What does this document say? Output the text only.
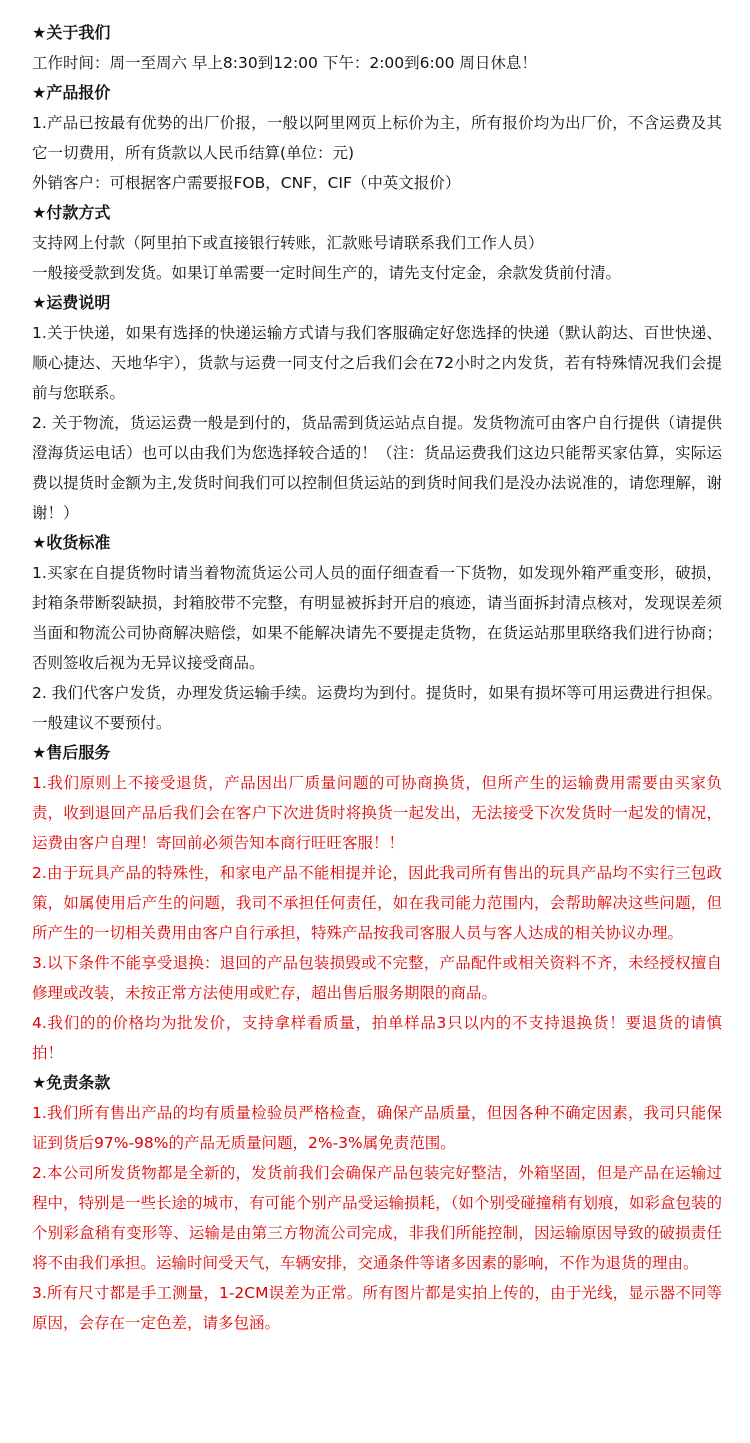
★关于我们

工作时间：周一至周六 早上8:30到12:00 下午：2:00到6:00 周日休息！

★产品报价

1.产品已按最有优势的出厂价报，一般以阿里网页上标价为主，所有报价均为出厂价，不含运费及其它一切费用，所有货款以人民币结算(单位：元)

外销客户：可根据客户需要报FOB，CNF，CIF（中英文报价）

★付款方式

支持网上付款（阿里拍下或直接银行转账，汇款账号请联系我们工作人员）

一般接受款到发货。如果订单需要一定时间生产的，请先支付定金，余款发货前付清。

★运费说明

1.关于快递，如果有选择的快递运输方式请与我们客服确定好您选择的快递（默认韵达、百世快递、顺心捷达、天地华宇），货款与运费一同支付之后我们会在72小时之内发货，若有特殊情况我们会提前与您联系。

2. 关于物流，货运运费一般是到付的，货品需到货运站点自提。发货物流可由客户自行提供（请提供澄海货运电话）也可以由我们为您选择较合适的！（注：货品运费我们这边只能帮买家估算，实际运费以提货时金额为主,发货时间我们可以控制但货运站的到货时间我们是没办法说准的，请您理解，谢谢！）

★收货标准

1.买家在自提货物时请当着物流货运公司人员的面仔细查看一下货物，如发现外箱严重变形，破损，封箱条带断裂缺损，封箱胶带不完整，有明显被拆封开启的痕迹，请当面拆封清点核对，发现误差须当面和物流公司协商解决赔偿，如果不能解决请先不要提走货物，在货运站那里联络我们进行协商；否则签收后视为无异议接受商品。

2. 我们代客户发货，办理发货运输手续。运费均为到付。提货时，如果有损坏等可用运费进行担保。一般建议不要预付。

★售后服务

1.我们原则上不接受退货，产品因出厂质量问题的可协商换货，但所产生的运输费用需要由买家负责，收到退回产品后我们会在客户下次进货时将换货一起发出，无法接受下次发货时一起发的情况，运费由客户自理！寄回前必须告知本商行旺旺客服！！

2.由于玩具产品的特殊性，和家电产品不能相提并论，因此我司所有售出的玩具产品均不实行三包政策，如属使用后产生的问题，我司不承担任何责任，如在我司能力范围内，会帮助解决这些问题，但所产生的一切相关费用由客户自行承担，特殊产品按我司客服人员与客人达成的相关协议办理。

3.以下条件不能享受退换：退回的产品包装损毁或不完整，产品配件或相关资料不齐，未经授权擅自修理或改装，未按正常方法使用或贮存，超出售后服务期限的商品。

4.我们的的价格均为批发价，支持拿样看质量，拍单样品3只以内的不支持退换货！要退货的请慎拍！

★免责条款

1.我们所有售出产品的均有质量检验员严格检查，确保产品质量，但因各种不确定因素，我司只能保证到货后97%-98%的产品无质量问题，2%-3%属免责范围。

2.本公司所发货物都是全新的，发货前我们会确保产品包装完好整洁，外箱坚固，但是产品在运输过程中，特别是一些长途的城市，有可能个别产品受运输损耗，（如个别受碰撞稍有划痕，如彩盒包装的个别彩盒稍有变形等、运输是由第三方物流公司完成，非我们所能控制，因运输原因导致的破损责任将不由我们承担。运输时间受天气，车辆安排，交通条件等诸多因素的影响，不作为退货的理由。

3.所有尺寸都是手工测量，1-2CM误差为正常。所有图片都是实拍上传的，由于光线，显示器不同等原因，会存在一定色差，请多包涵。
